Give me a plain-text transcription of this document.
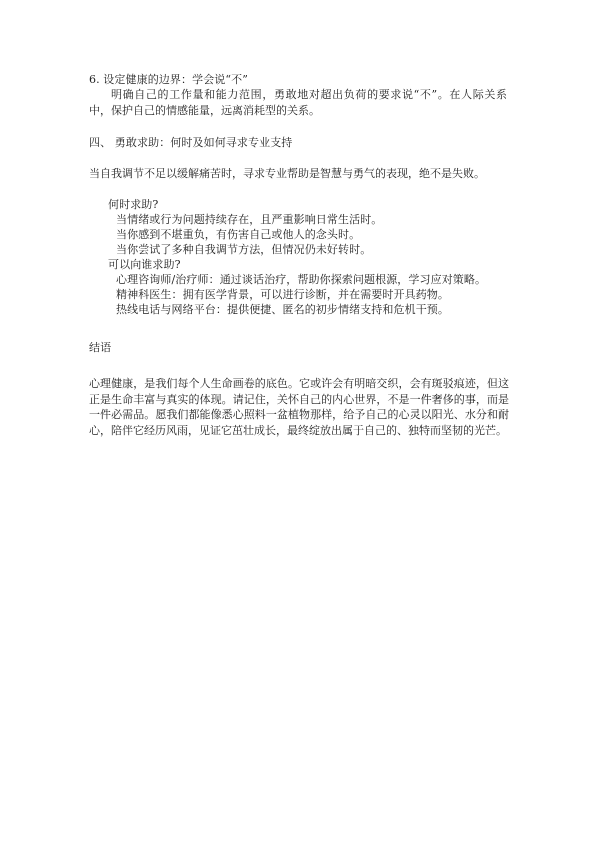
6. 设定健康的边界：学会说“不”
明确自己的工作量和能力范围，勇敢地对超出负荷的要求说“不”。在人际关系中，保护自己的情感能量，远离消耗型的关系。
四、 勇敢求助：何时及如何寻求专业支持
当自我调节不足以缓解痛苦时，寻求专业帮助是智慧与勇气的表现，绝不是失败。
何时求助?
当情绪或行为问题持续存在，且严重影响日常生活时。
当你感到不堪重负，有伤害自己或他人的念头时。
当你尝试了多种自我调节方法，但情况仍未好转时。
可以向谁求助?
心理咨询师/治疗师：通过谈话治疗，帮助你探索问题根源，学习应对策略。
精神科医生：拥有医学背景，可以进行诊断，并在需要时开具药物。
热线电话与网络平台：提供便捷、匿名的初步情绪支持和危机干预。
结语
心理健康，是我们每个人生命画卷的底色。它或许会有明暗交织，会有斑驳痕迹，但这正是生命丰富与真实的体现。请记住，关怀自己的内心世界，不是一件奢侈的事，而是一件必需品。愿我们都能像悉心照料一盆植物那样，给予自己的心灵以阳光、水分和耐心，陪伴它经历风雨，见证它茁壮成长，最终绽放出属于自己的、独特而坚韧的光芒。
